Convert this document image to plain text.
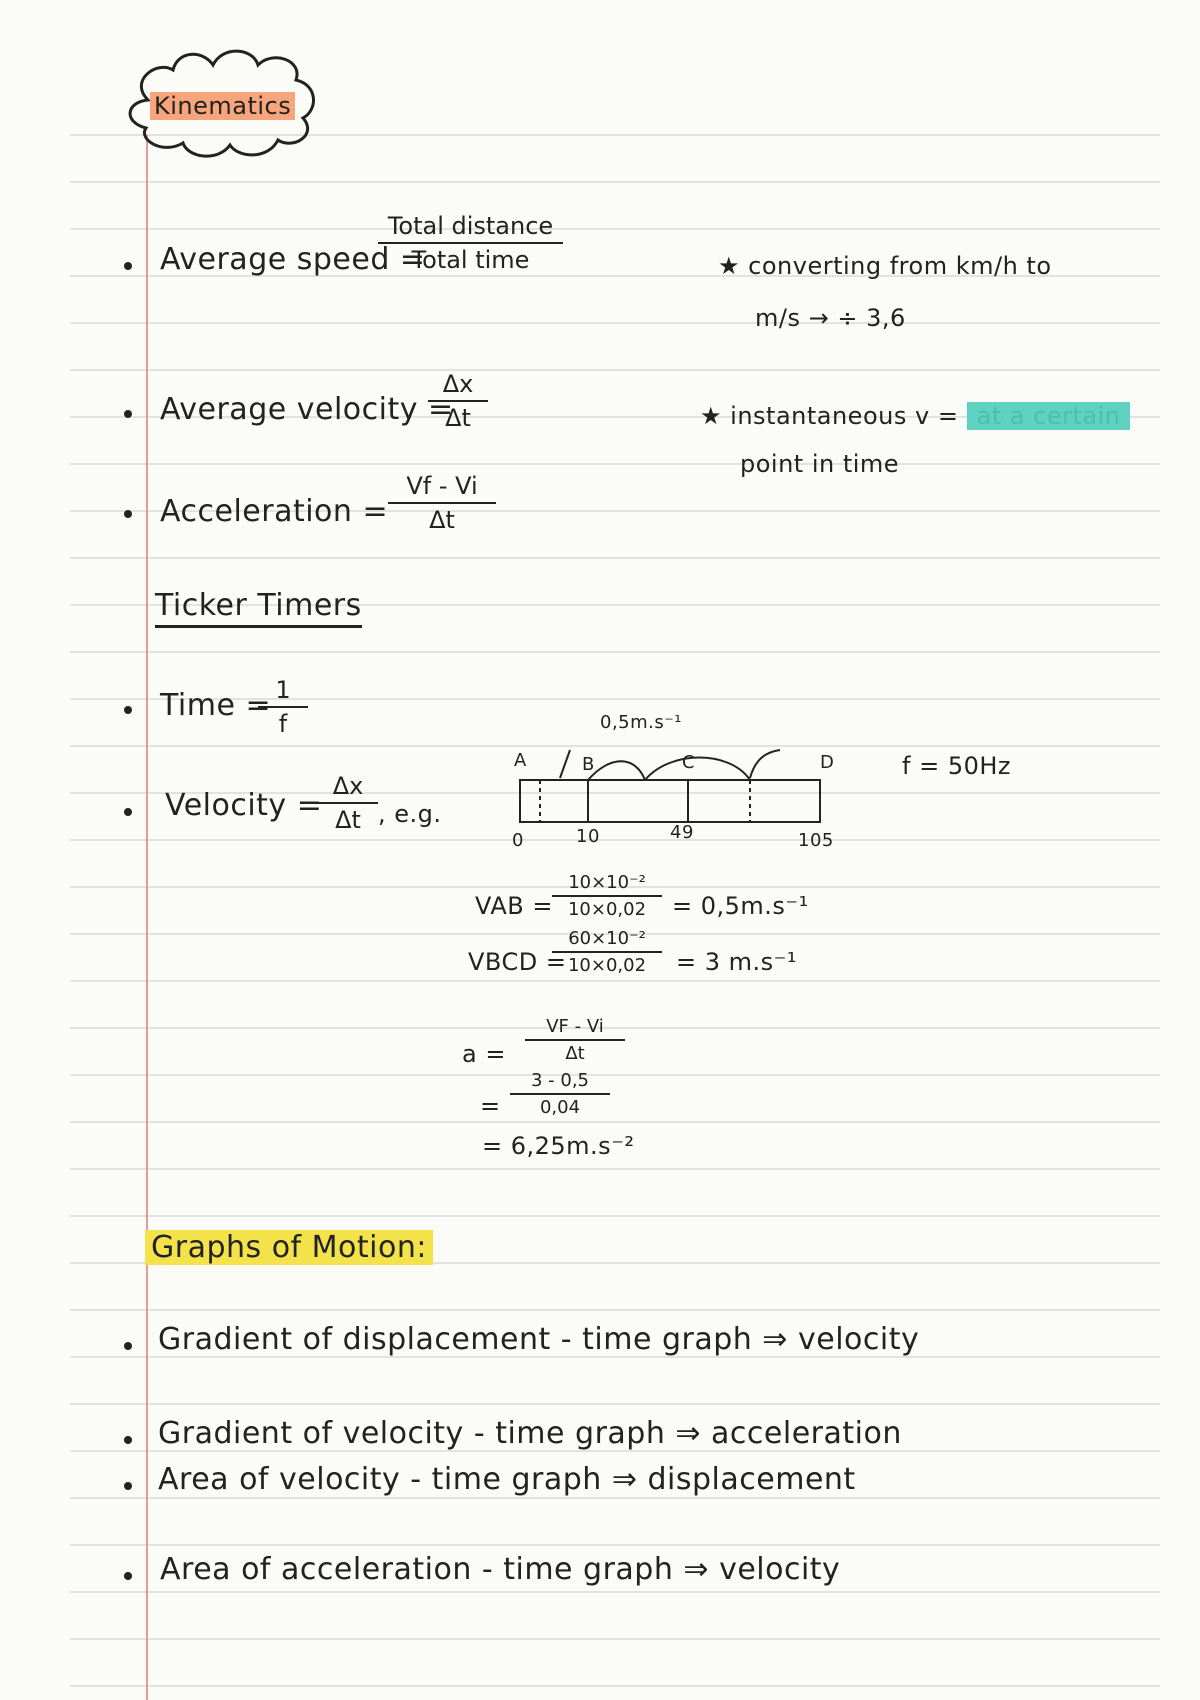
Kinematics
Average speed =
Total distance
Total time	★ converting from km/h to
m/s → ÷ 3,6
Average velocity =
Δx
Δt	★ instantaneous v = at a certain
point in time
Acceleration =
Vf - Vi
Δt
Ticker Timers
Time = 1
f
Velocity =
Δx
Δt , e.g.
0,5m.s⁻¹
A	B	C	D
0	10	49	105
f = 50Hz
VAB =
10×10⁻²
10×0,02	= 0,5m.s⁻¹
VBCD =
60×10⁻²
10×0,02	= 3 m.s⁻¹
a =
VF - Vi
Δt
=
3 - 0,5
0,04
= 6,25m.s⁻²
Graphs of Motion:
Gradient of displacement - time graph ⇒ velocity
Gradient of velocity - time graph ⇒ acceleration
Area of velocity - time graph ⇒ displacement
Area of acceleration - time graph ⇒ velocity
